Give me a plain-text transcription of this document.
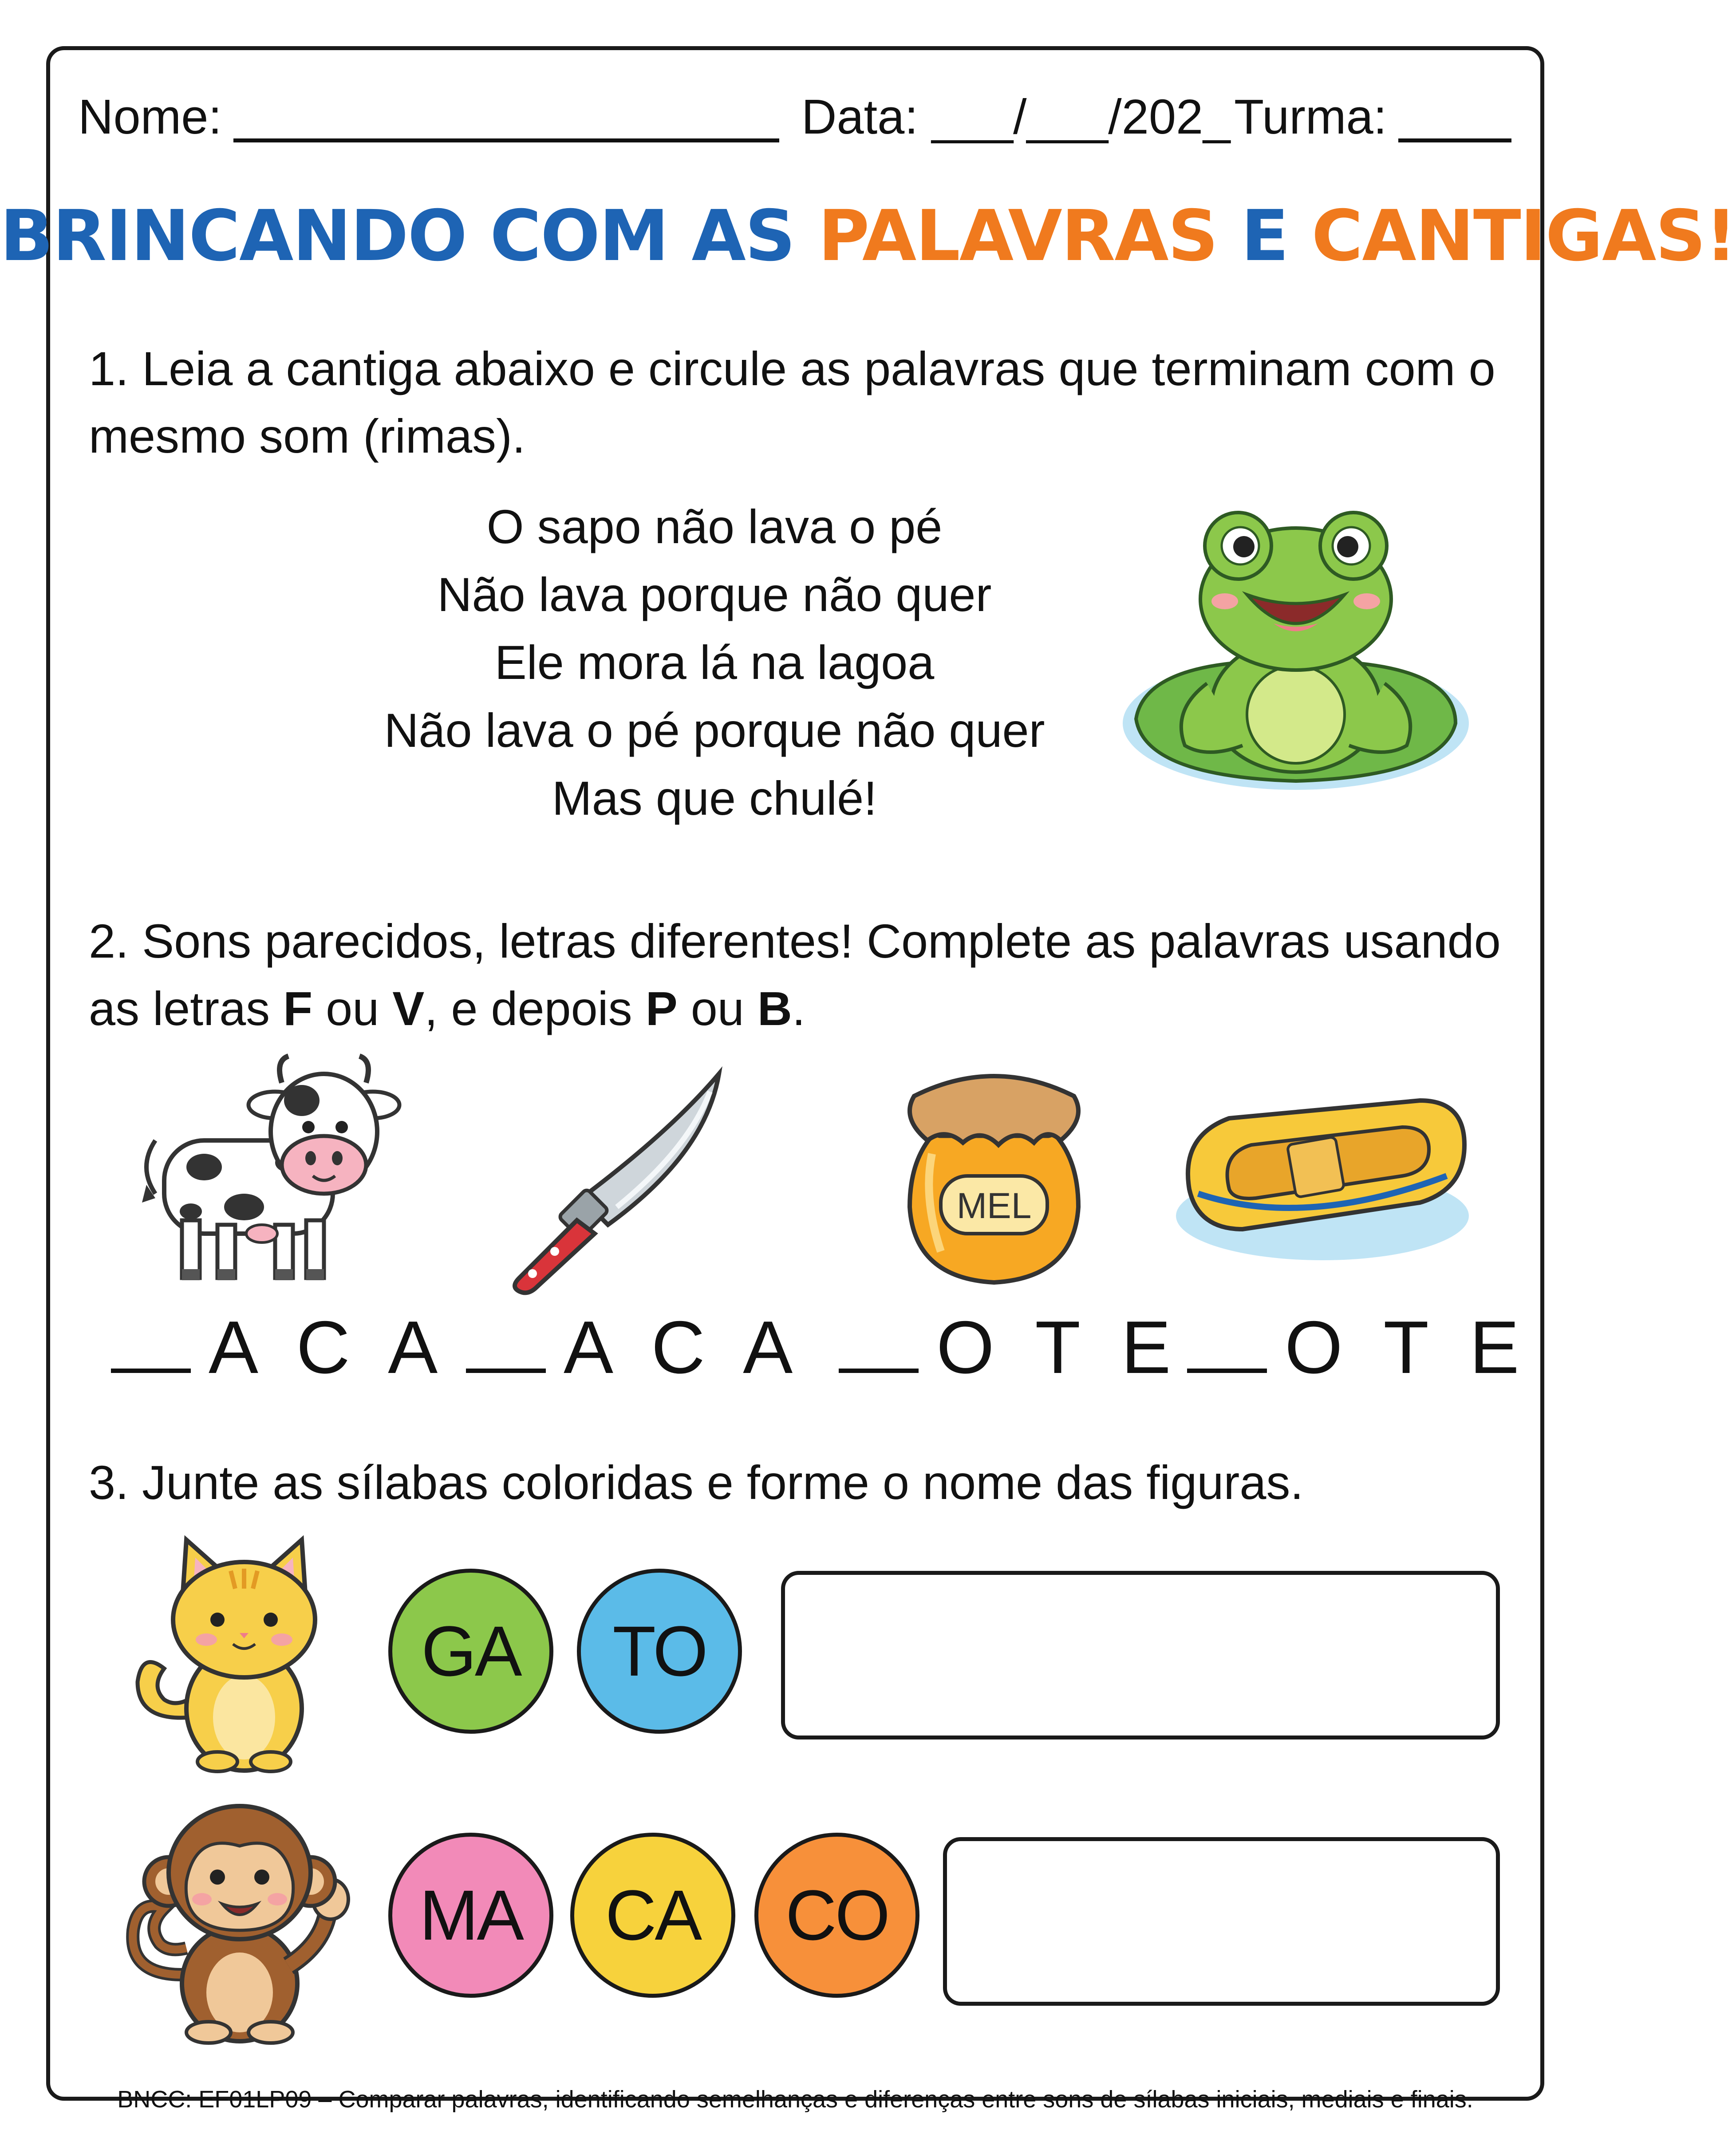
Nome:	Data: ___/___/202_ Turma:
BRINCANDO COM AS PALAVRAS E CANTIGAS!
1. Leia a cantiga abaixo e circule as palavras que terminam com o mesmo som (rimas).
O sapo não lava o pé
Não lava porque não quer
Ele mora lá na lagoa
Não lava o pé porque não quer
Mas que chulé!
2. Sons parecidos, letras diferentes! Complete as palavras usando as letras F ou V, e depois P ou B.
MEL
A C A	A C A	O T E	O T E
3. Junte as sílabas coloridas e forme o nome das figuras.
GA	TO
MA	CA	CO
BNCC: EF01LP09 – Comparar palavras, identificando semelhanças e diferenças entre sons de sílabas iniciais, mediais e finais.
